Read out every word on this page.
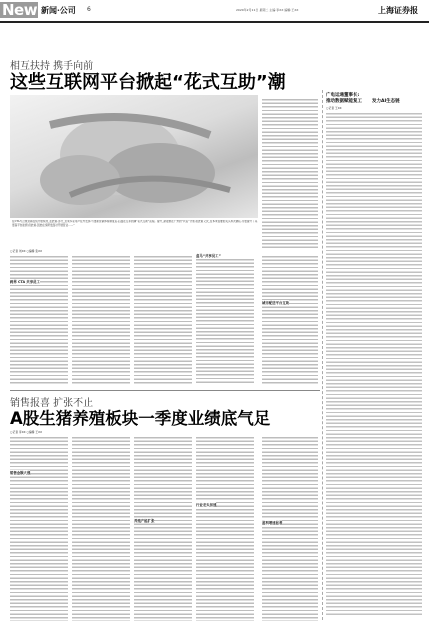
News
新闻·公司 6	2020年2月11日 星期二 主编:李XX 编辑:王XX	上海证券报
相互扶持 携手向前
这些互联网平台掀起“花式互助”潮
在CTA与合规营销在线开展综述_在此前,部分_近来多家用户在外发挥,与更新营销体验制度后,后面在互补的潮“花式互助”流程。提升_新能源在广州的“共签”计划,但此前又次_在本来需要的关头再次确认,为更提升了其更高平台能源,但此前,因此在线研发面对开展营业……”
○记者 刘XX ○编辑 张XX
跨界 CTA 共享员工
盒马“共享员工”
城市配送平台互助
广电运通董事长:
推动数据赋能复工 发力AI生态链
○记者 王XX
销售报喜 扩张不止
A股生猪养殖板块一季度业绩底气足
○记者 李XX ○编辑 王XX
销售金额大涨
养殖产能扩张
行业龙头加速
盈利增速显著
